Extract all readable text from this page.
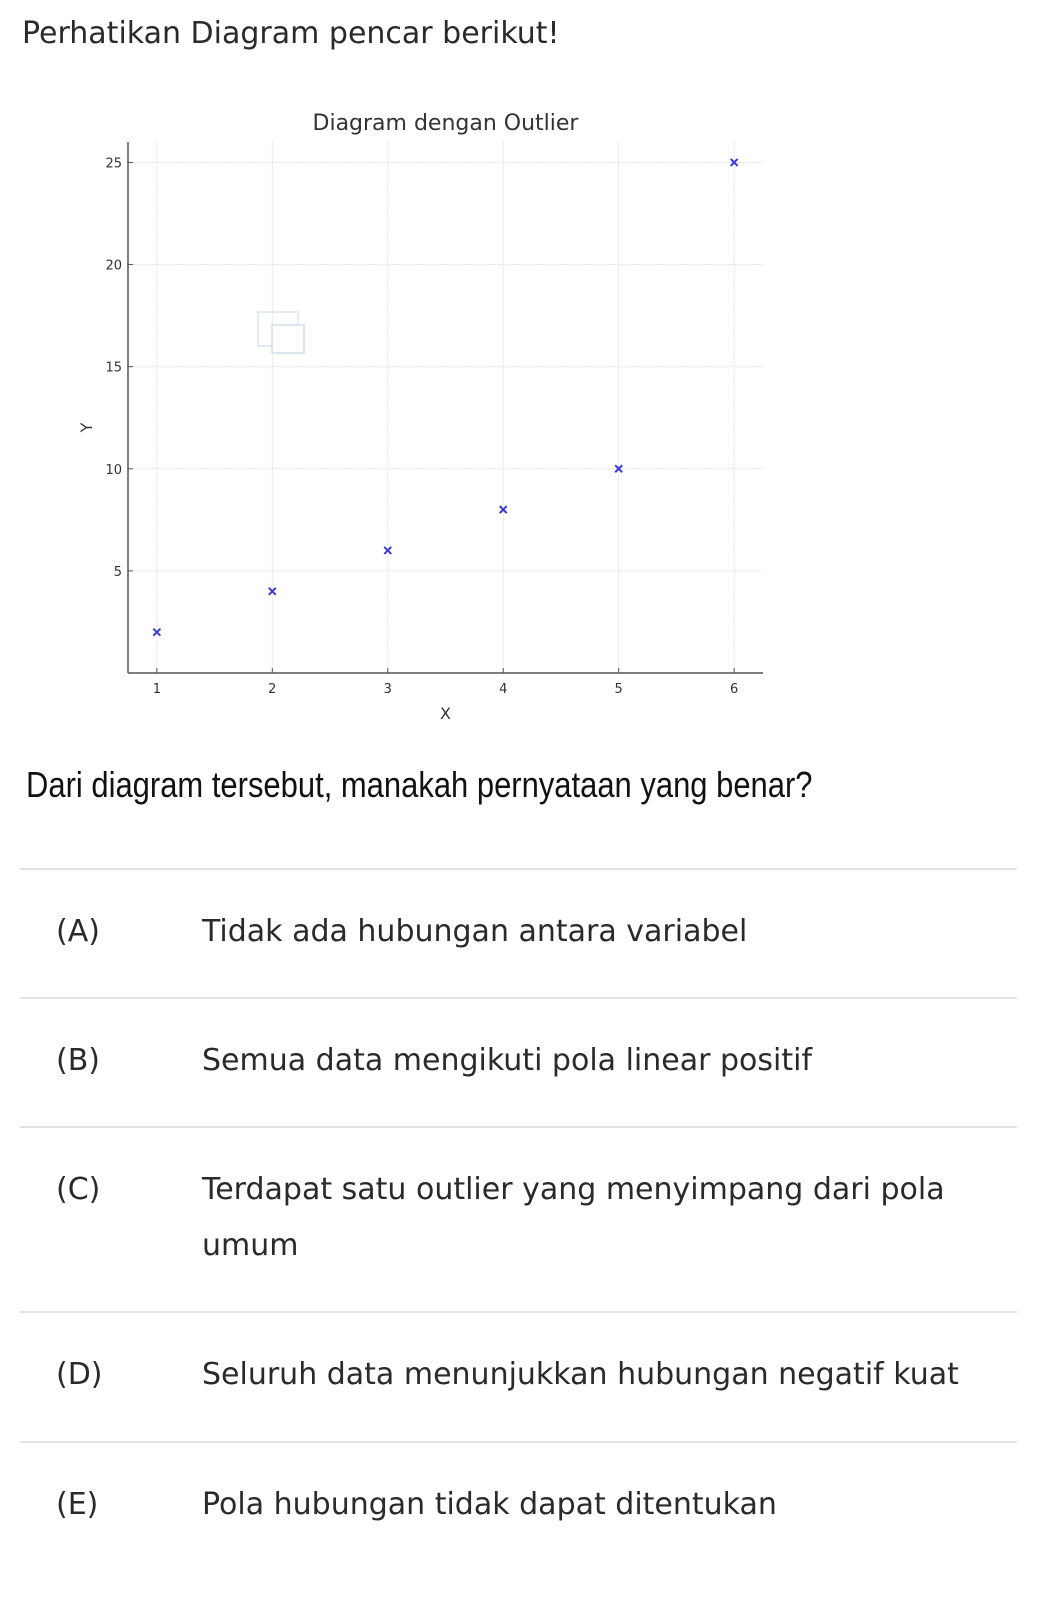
Perhatikan Diagram pencar berikut!

Diagram dengan Outlier
1	2	3	4	5	6
5
10
15
20
25
X
Y

Dari diagram tersebut, manakah pernyataan yang benar?

(A)	Tidak ada hubungan antara variabel
(B)	Semua data mengikuti pola linear positif
(C)	Terdapat satu outlier yang menyimpang dari pola umum
(D)	Seluruh data menunjukkan hubungan negatif kuat
(E)	Pola hubungan tidak dapat ditentukan
